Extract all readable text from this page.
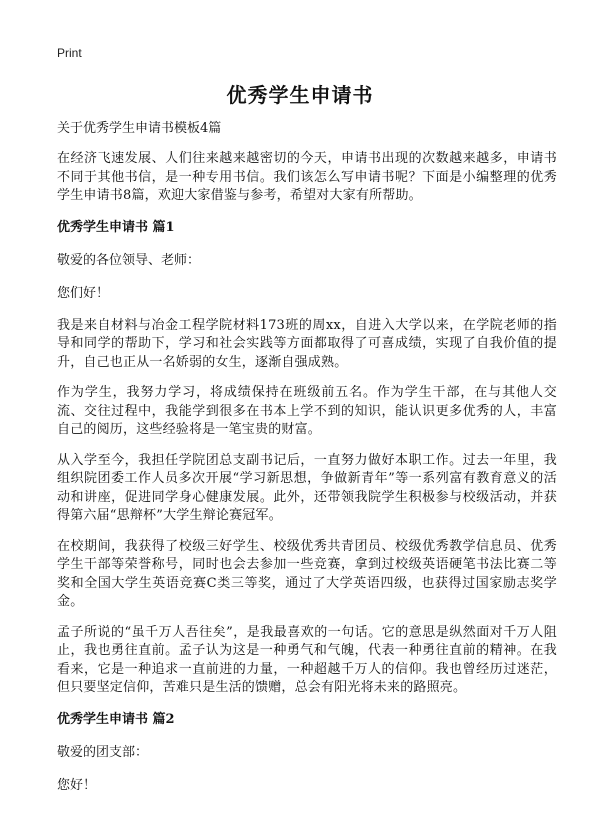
Print
优秀学生申请书
关于优秀学生申请书模板4篇

在经济飞速发展、人们往来越来越密切的今天，申请书出现的次数越来越多，申请书不同于其他书信，是一种专用书信。我们该怎么写申请书呢？下面是小编整理的优秀学生申请书8篇，欢迎大家借鉴与参考，希望对大家有所帮助。

优秀学生申请书 篇1

敬爱的各位领导、老师：

您们好！

我是来自材料与冶金工程学院材料173班的周xx，自进入大学以来，在学院老师的指导和同学的帮助下，学习和社会实践等方面都取得了可喜成绩，实现了自我价值的提升，自己也正从一名娇弱的女生，逐渐自强成熟。

作为学生，我努力学习，将成绩保持在班级前五名。作为学生干部，在与其他人交流、交往过程中，我能学到很多在书本上学不到的知识，能认识更多优秀的人，丰富自己的阅历，这些经验将是一笔宝贵的财富。

从入学至今，我担任学院团总支副书记后，一直努力做好本职工作。过去一年里，我组织院团委工作人员多次开展“学习新思想，争做新青年”等一系列富有教育意义的活动和讲座，促进同学身心健康发展。此外，还带领我院学生积极参与校级活动，并获得第六届“思辩杯”大学生辩论赛冠军。

在校期间，我获得了校级三好学生、校级优秀共青团员、校级优秀教学信息员、优秀学生干部等荣誉称号，同时也会去参加一些竞赛，拿到过校级英语硬笔书法比赛二等奖和全国大学生英语竞赛C类三等奖，通过了大学英语四级，也获得过国家励志奖学金。

孟子所说的“虽千万人吾往矣”，是我最喜欢的一句话。它的意思是纵然面对千万人阻止，我也勇往直前。孟子认为这是一种勇气和气魄，代表一种勇往直前的精神。在我看来，它是一种追求一直前进的力量，一种超越千万人的信仰。我也曾经历过迷茫，但只要坚定信仰，苦难只是生活的馈赠，总会有阳光将未来的路照亮。

优秀学生申请书 篇2

敬爱的团支部：

您好！
